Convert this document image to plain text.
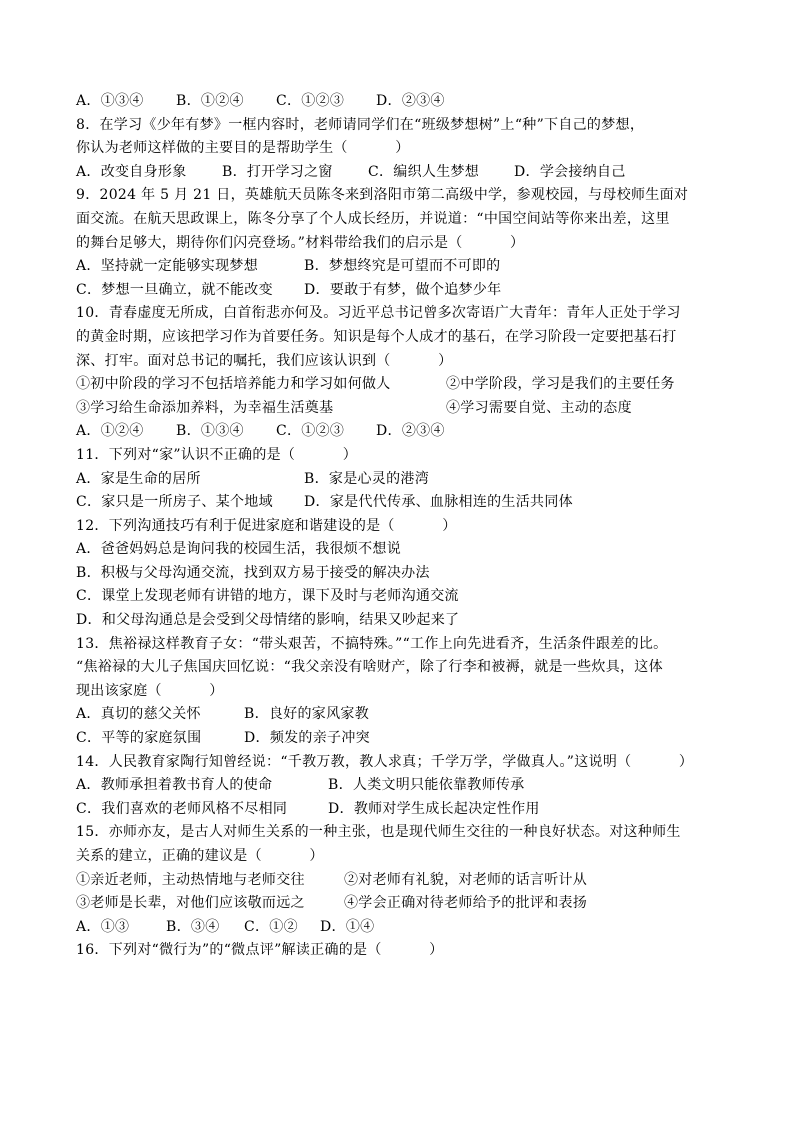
A．①③④

B．①②④

C．①②③

D．②③④

8．在学习《少年有梦》一框内容时，老师请同学们在“班级梦想树”上“种”下自己的梦想，

你认为老师这样做的主要目的是帮助学生（          ）

A．改变自身形象

	B．打开学习之窗

	C．编织人生梦想

D．学会接纳自己

9．2024 年 5 月 21 日，英雄航天员陈冬来到洛阳市第二高级中学，参观校园，与母校师生面对

面交流。在航天思政课上，陈冬分享了个人成长经历，并说道：“中国空间站等你来出差，这里

的舞台足够大，期待你们闪亮登场。”材料带给我们的启示是（          ）

A．坚持就一定能够实现梦想

	B．梦想终究是可望而不可即的

C．梦想一旦确立，就不能改变

D．要敢于有梦，做个追梦少年

10．青春虚度无所成，白首衔悲亦何及。习近平总书记曾多次寄语广大青年：青年人正处于学习

的黄金时期，应该把学习作为首要任务。知识是每个人成才的基石，在学习阶段一定要把基石打

深、打牢。面对总书记的嘱托，我们应该认识到（          ）

①初中阶段的学习不包括培养能力和学习如何做人

	②中学阶段，学习是我们的主要任务

③学习给生命添加养料，为幸福生活奠基

	④学习需要自觉、主动的态度

A．①②④

B．①③④

C．①②③

D．②③④

11．下列对“家”认识不正确的是（          ）

A．家是生命的居所

	B．家是心灵的港湾

C．家只是一所房子、某个地域

D．家是代代传承、血脉相连的生活共同体

12．下列沟通技巧有利于促进家庭和谐建设的是（          ）

A．爸爸妈妈总是询问我的校园生活，我很烦不想说

B．积极与父母沟通交流，找到双方易于接受的解决办法

C．课堂上发现老师有讲错的地方，课下及时与老师沟通交流

D．和父母沟通总是会受到父母情绪的影响，结果又吵起来了

13．焦裕禄这样教育子女：“带头艰苦，不搞特殊。”“工作上向先进看齐，生活条件跟差的比。

“焦裕禄的大儿子焦国庆回忆说：“我父亲没有啥财产，除了行李和被褥，就是一些炊具，这体

现出该家庭（          ）

A．真切的慈父关怀

	B．良好的家风家教

C．平等的家庭氛围

	D．频发的亲子冲突

14．人民教育家陶行知曾经说：“千教万教，教人求真；千学万学，学做真人。”这说明（          ）

A．教师承担着教书育人的使命

	B．人类文明只能依靠教师传承

C．我们喜欢的老师风格不尽相同

	D．教师对学生成长起决定性作用

15．亦师亦友，是古人对师生关系的一种主张，也是现代师生交往的一种良好状态。对这种师生

关系的建立，正确的建议是（          ）

①亲近老师，主动热情地与老师交往

	②对老师有礼貌，对老师的话言听计从

③老师是长辈，对他们应该敬而远之

	④学会正确对待老师给予的批评和表扬

A．①③

	B．③④

C．①②

D．①④

16．下列对“微行为”的“微点评”解读正确的是（          ）
